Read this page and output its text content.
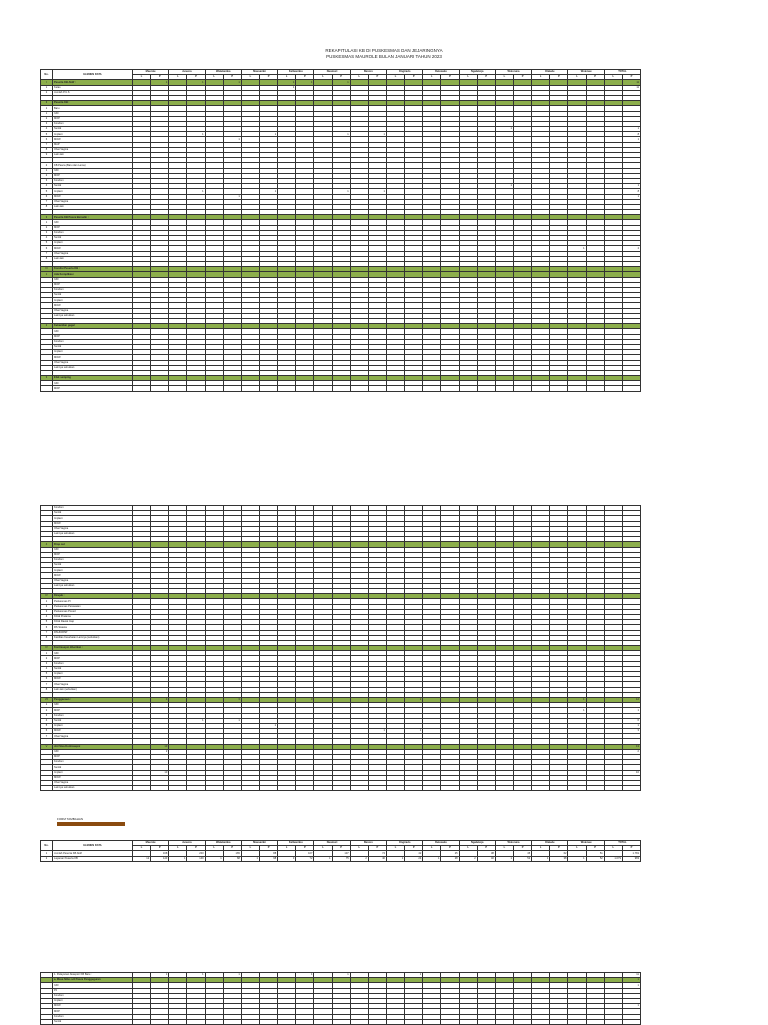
REKAPITULASI KB DI PUSKESMAS DAN JEJARINGNYA
PUSKESMAS MAUROLE BULAN JANUARI TAHUN 2023
No.	ELEMEN DATA	Maurole		Aewora		Watukamba		Mausambi		Keliwumbu		Nuamuri		Ranoro		Ongirado		Detuwulu		Ngalukoja		Woloruna		Otalede		Wolenau		TOTAL	
		L	P	L	P	L	P	L	P	L	P	L	P	L	P	L	P	L	P	L	P	L	P	L	P	L	P	L	P
I	Peserta KB Aktif :		1		1		1			1	1		1																11
1	Kelas									1																			11
2	Jumlah P.U.S																												

II	Peserta KB :																												
1	Baru																												
1	IUD																												
2	MOP																												
3	Kondom																												
4	Suntik																					1							1
5	Implant				1				1				1		1														8
6	MOW						1																						1
7	MAP																												
8	Obat Vagina																												
9	Lain-lain																												

2	KB Pasca (Baru dan Lama)																												
1	IUD																												
2	MOP																												
3	Kondom																												
4	Suntik																					1							1
5	Implant				1				1				1		1														8
6	MOW						1																						1
7	Obat Vagina																												
8	Lain-lain																												

3	Peserta KB Pasca Bersalin :																												
1	IUD																												
2	MOP																												
3	Kondom																												
4	Suntik																												
5	Implant																												
6	MOW																									1			2
7	Obat Vagina																												
8	Lain-lain																												

III	Kondisi Peserta KB :																												
1	Ada Komplikasi																												
	IUD																												
	MOP																												
	Kondom																												
	Suntik																												
	Implant																												
	MOW																												
	Obat Vagina																												
	Lainnya sebutkan																												

2	Kehamilan gagal																												
	IUD																												
	MOP																												
	Kondom																												
	Suntik																												
	Implant																												
	MOW																												
	Obat Vagina																												
	Lainnya sebutkan																												

3	Efek samping																												
	IUD																												
	MOP																												
	Kondom																												
	Suntik																												
	Implant																												
	MOW																												
	Obat Vagina																												
	Lainnya sebutkan																												

4	Drop out																												
	IUD																												
	MOP																												
	Kondom																												
	Suntik																												
	Implant																												
	MOW																												
	Obat Vagina																												
	Lainnya sebutkan																												

IV	Dirujuk :																												
1	Puskesmas Pl																												
2	Puskesmas Perawatan																												
3	Puskesmas Poned																												
4	Klinik Pratama																												
5	Klinik Rawat Inap																												
6	RS Swasta																												
7	RSUD/RSP																												
8	Fasilitas Kesehatan Lainnya (sebutkan)																												

IV	Kontrasepsi diberikan :																												
1	IUD																												
2	MOP																												
3	Kondom																												
4	Suntik																												
5	Implant																												
6	MOW																												
7	Obat Vagina																												
8	Lain-lain (sebutkan)																												

VII	Pengganaan :		4				3				3						1									1			12
1	IUD																												
2	MOP																									1			1
3	Kondom																												
4	Suntik				1		1																						6
5	Implant								1																				1
6	MOW														1		1												3
7	Obat Vagina																												

V	Jml Sisa Kontrasepsi		13																										13
	IUD		2																										2
	MOP																												
	Kondom																												
	Suntik																												
	Implant		10																										10
	MOW																												
	Obat Vagina																												
	Lainnya sebutkan																												
FORM TAMBAHAN
No.	ELEMEN DATA	Maurole		Aewora		Watukamba		Mausambi		Keliwumbu		Nuamuri		Ranoro		Ongirado		Detuwulu		Ngalukoja		Woloruna		Otalede		Wolenau		TOTAL	
		L	P	L	P	L	P	L	P	L	P	L	P	L	P	L	P	L	P	L	P	L	P	L	P	L	P	L	P
1	Jumlah Peserta KB Aktif		168		203		165		88		107		137		74		42		25		38		45		62		51		1.781
2	Layanan Peserta KB	12	143	1	149	1	68	1	98	3	72	1	75	2	40	1	24	1	28	2	40	1	52	1	38	1	52	1.079	983
	1. Pelayanan Akseptor KB Baru :		1		1		1				1		1				1												11
	a. Masa Nifas s/d Pasca Pengguguran																												1
	IUD																												1
	Pil																												
	Kondom																												
	Implant																												
	MOW																												1
	MOP																												
	Kondom																												
	Suntik																												
